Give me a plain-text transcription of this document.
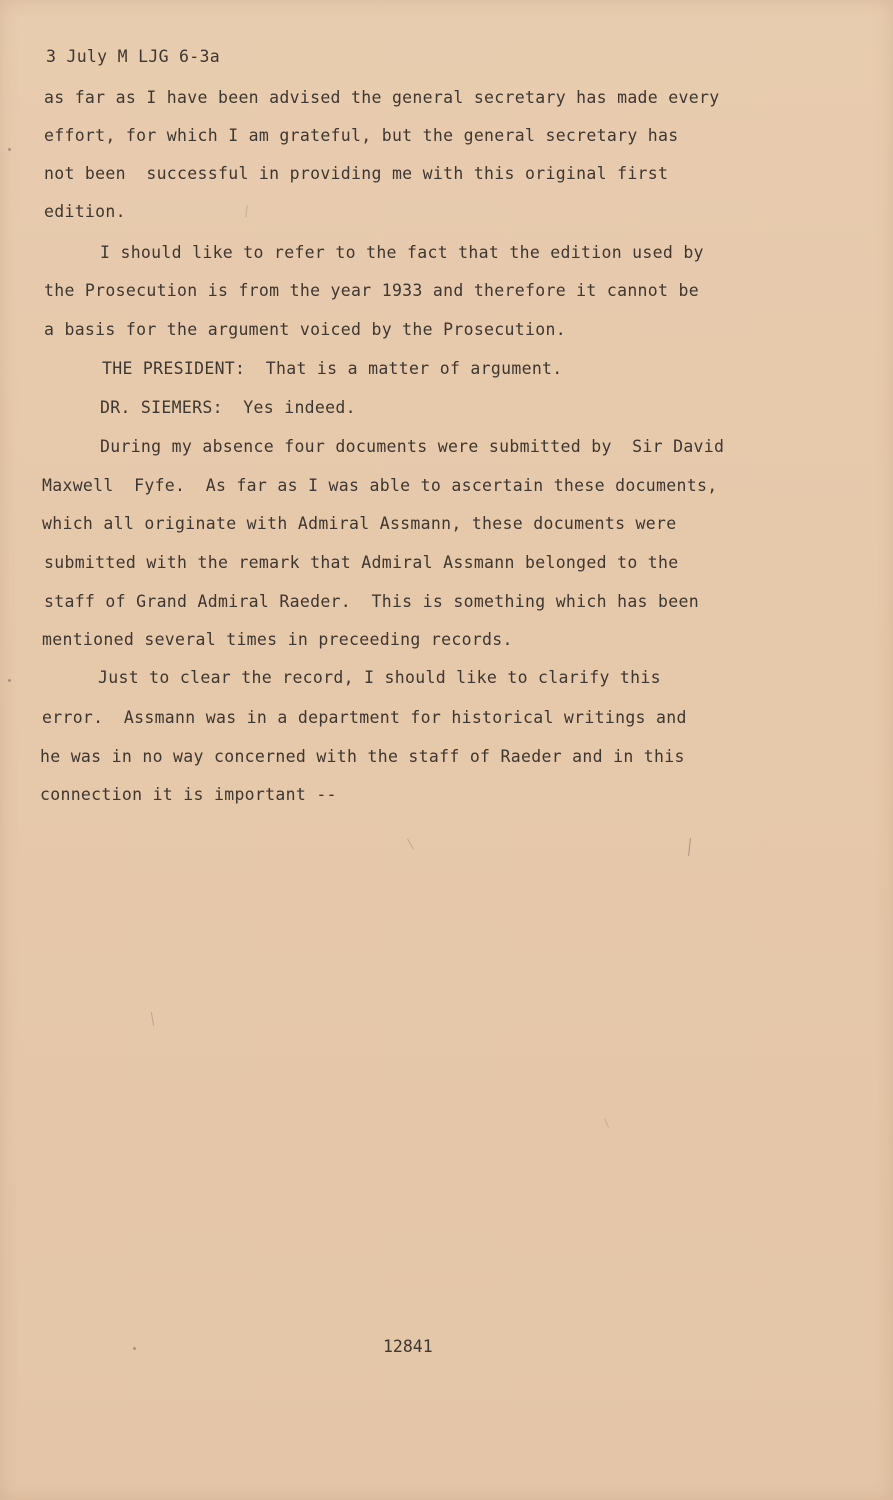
3 July M LJG 6-3a
as far as I have been advised the general secretary has made every
effort, for which I am grateful, but the general secretary has
not been  successful in providing me with this original first
edition.
I should like to refer to the fact that the edition used by
the Prosecution is from the year 1933 and therefore it cannot be
a basis for the argument voiced by the Prosecution.
THE PRESIDENT:  That is a matter of argument.
DR. SIEMERS:  Yes indeed.
During my absence four documents were submitted by  Sir David
Maxwell  Fyfe.  As far as I was able to ascertain these documents,
which all originate with Admiral Assmann, these documents were
submitted with the remark that Admiral Assmann belonged to the
staff of Grand Admiral Raeder.  This is something which has been
mentioned several times in preceeding records.
Just to clear the record, I should like to clarify this
error.  Assmann was in a department for historical writings and
he was in no way concerned with the staff of Raeder and in this
connection it is important --
12841
